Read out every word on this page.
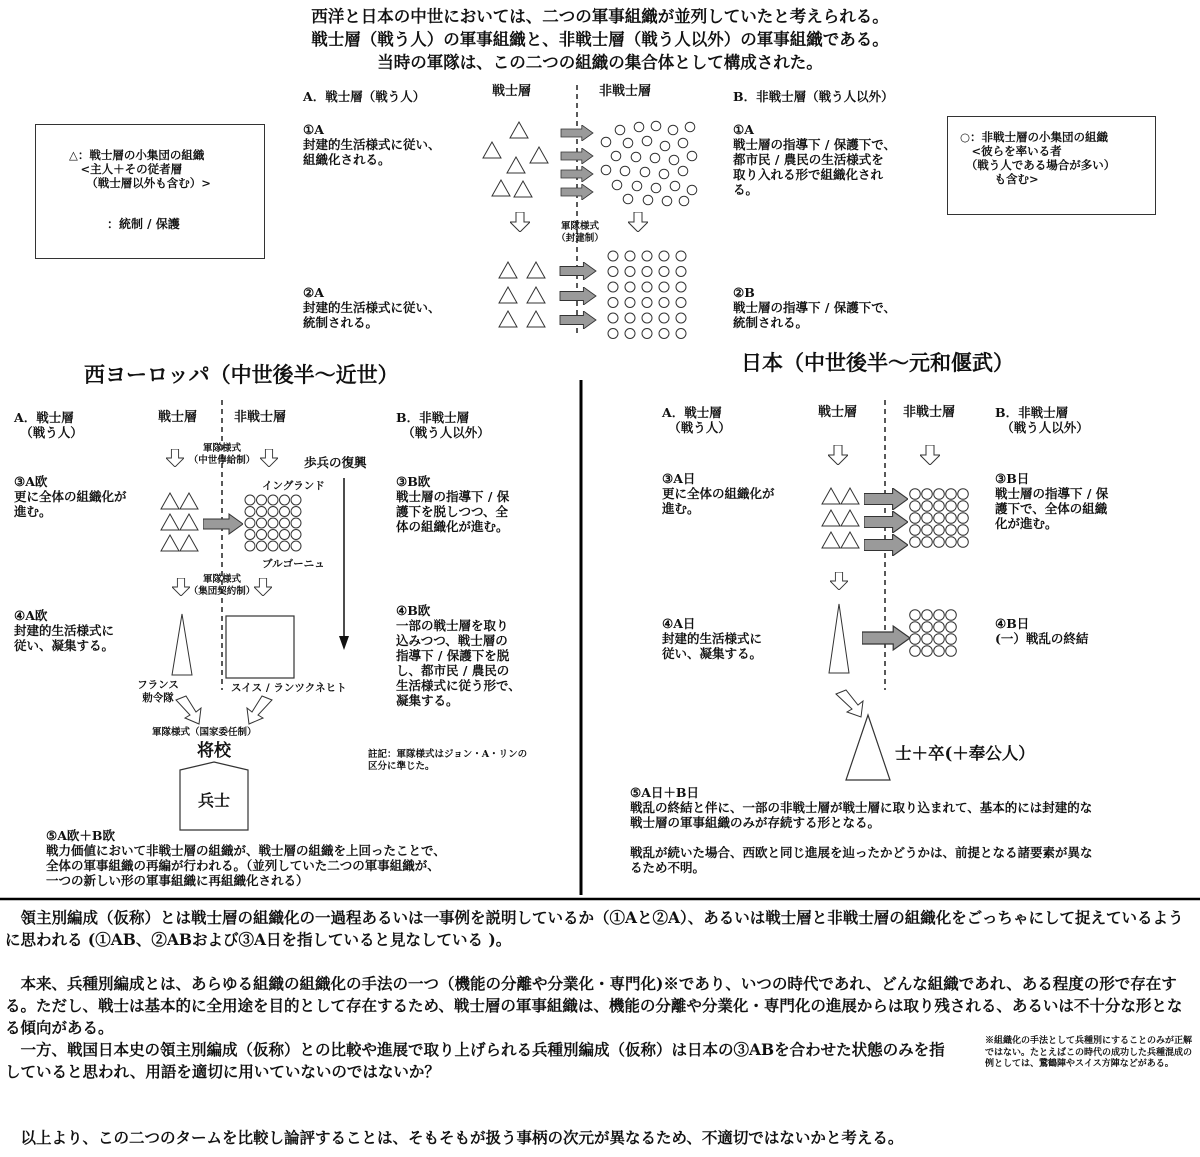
西洋と日本の中世においては、二つの軍事組織が並列していたと考えられる。
戦士層（戦う人）の軍事組織と、非戦士層（戦う人以外）の軍事組織である。
当時の軍隊は、この二つの組織の集合体として構成された。
A．戦士層（戦う人）	戦士層	非戦士層	B．非戦士層（戦う人以外）
△：戦士層の小集団の組織
　<主人＋その従者層
　　（戦士層以外も含む）>
：統制 / 保護
○：非戦士層の小集団の組織
　<彼らを率いる者
　（戦う人である場合が多い）
　　　も含む>
①A
封建的生活様式に従い、
組織化される。
①A
戦士層の指導下 / 保護下で、
都市民 / 農民の生活様式を
取り入れる形で組織化され
る。
軍隊様式
（封建制）
②A
封建的生活様式に従い、
統制される。
②B
戦士層の指導下 / 保護下で、
統制される。
西ヨーロッパ（中世後半〜近世）
A．戦士層
　（戦う人）
戦士層	非戦士層	B．非戦士層
　（戦う人以外）
軍隊様式
（中世俸給制）	歩兵の復興
イングランド
③A欧
更に全体の組織化が
進む。
③B欧
戦士層の指導下 / 保
護下を脱しつつ、全
体の組織化が進む。
ブルゴーニュ
軍隊様式
（集団契約制）
④A欧
封建的生活様式に
従い、凝集する。
④B欧
一部の戦士層を取り
込みつつ、戦士層の
指導下 / 保護下を脱
し、都市民 / 農民の
生活様式に従う形で、
凝集する。
フランス
勅令隊
スイス / ランツクネヒト
軍隊様式（国家委任制）
将校
兵士
註記：軍隊様式はジョン・A・リンの
区分に準じた。
⑤A欧＋B欧
戦力価値において非戦士層の組織が、戦士層の組織を上回ったことで、
全体の軍事組織の再編が行われる。（並列していた二つの軍事組織が、
一つの新しい形の軍事組織に再組織化される）
日本（中世後半〜元和偃武）
A．戦士層
　（戦う人）
戦士層	非戦士層	B．非戦士層
　（戦う人以外）
③A日
更に全体の組織化が
進む。
③B日
戦士層の指導下 / 保
護下で、全体の組織
化が進む。
④A日
封建的生活様式に
従い、凝集する。
④B日
(一）戦乱の終結
士＋卒(＋奉公人）
⑤A日＋B日
戦乱の終結と伴に、一部の非戦士層が戦士層に取り込まれて、基本的には封建的な
戦士層の軍事組織のみが存続する形となる。

戦乱が続いた場合、西欧と同じ進展を辿ったかどうかは、前提となる諸要素が異な
るため不明。
　領主別編成（仮称）とは戦士層の組織化の一過程あるいは一事例を説明しているか（①Aと②A）、あるいは戦士層と非戦士層の組織化をごっちゃにして捉えているように思われる (①AB、②ABおよび③A日を指していると見なしている )。
　本来、兵種別編成とは、あらゆる組織の組織化の手法の一つ（機能の分離や分業化・専門化)※であり、いつの時代であれ、どんな組織であれ、ある程度の形で存在する。ただし、戦士は基本的に全用途を目的として存在するため、戦士層の軍事組織は、機能の分離や分業化・専門化の進展からは取り残される、あるいは不十分な形となる傾向がある。
　一方、戦国日本史の領主別編成（仮称）との比較や進展で取り上げられる兵種別編成（仮称）は日本の③ABを合わせた状態のみを指していると思われ、用語を適切に用いていないのではないか？
※組織化の手法として兵種別にすることのみが正解ではない。たとえばこの時代の成功した兵種混成の例としては、鵞鶴陣やスイス方陣などがある。
　以上より、この二つのタームを比較し論評することは、そもそもが扱う事柄の次元が異なるため、不適切ではないかと考える。
